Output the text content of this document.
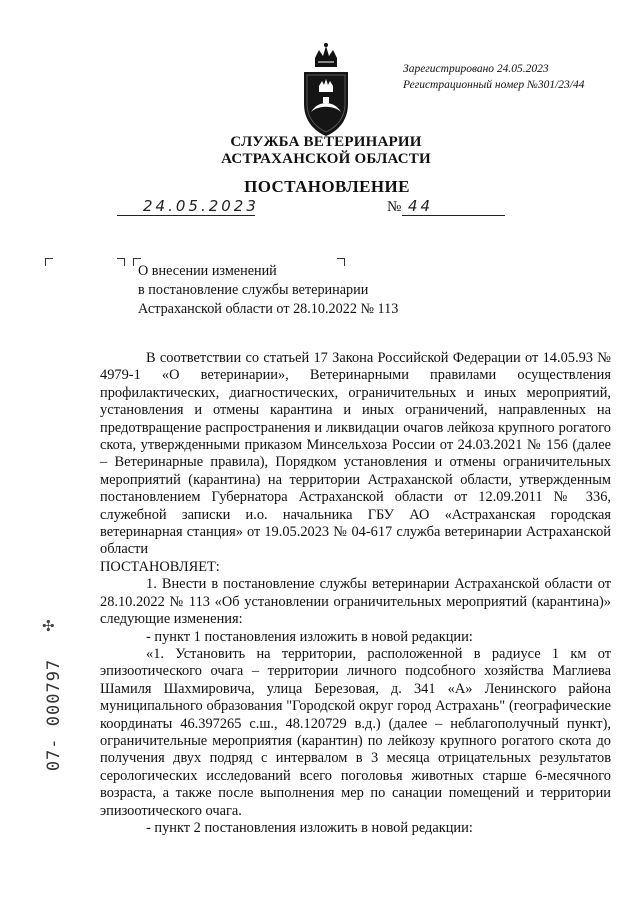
Зарегистрировано 24.05.2023
Регистрационный номер №301/23/44
СЛУЖБА ВЕТЕРИНАРИИ
АСТРАХАНСКОЙ ОБЛАСТИ
ПОСТАНОВЛЕНИЕ
24.05.2023	№ 44
О внесении изменений
в постановление службы ветеринарии
Астраханской области от 28.10.2022 № 113

В соответствии со статьей 17 Закона Российской Федерации от 14.05.93 № 4979-1 «О ветеринарии», Ветеринарными правилами осуществления профилактических, диагностических, ограничительных и иных мероприятий, установления и отмены карантина и иных ограничений, направленных на предотвращение распространения и ликвидации очагов лейкоза крупного рогатого скота, утвержденными приказом Минсельхоза России от 24.03.2021 № 156 (далее – Ветеринарные правила), Порядком установления и отмены ограничительных мероприятий (карантина) на территории Астраханской области, утвержденным постановлением Губернатора Астраханской области от 12.09.2011 № 336, служебной записки и.о. начальника ГБУ АО «Астраханская городская ветеринарная станция» от 19.05.2023 № 04-617 служба ветеринарии Астраханской области

ПОСТАНОВЛЯЕТ:

1. Внести в постановление службы ветеринарии Астраханской области от 28.10.2022 № 113 «Об установлении ограничительных мероприятий (карантина)» следующие изменения:

- пункт 1 постановления изложить в новой редакции:

«1. Установить на территории, расположенной в радиусе 1 км от эпизоотического очага – территории личного подсобного хозяйства Маглиева Шамиля Шахмировича, улица Березовая, д. 341 «А» Ленинского района муниципального образования "Городской округ город Астрахань" (географические координаты 46.397265 с.ш., 48.120729 в.д.) (далее – неблагополучный пункт), ограничительные мероприятия (карантин) по лейкозу крупного рогатого скота до получения двух подряд с интервалом в 3 месяца отрицательных результатов серологических исследований всего поголовья животных старше 6-месячного возраста, а также после выполнения мер по санации помещений и территории эпизоотического очага.

- пункт 2 постановления изложить в новой редакции:

✣
07- 000797
